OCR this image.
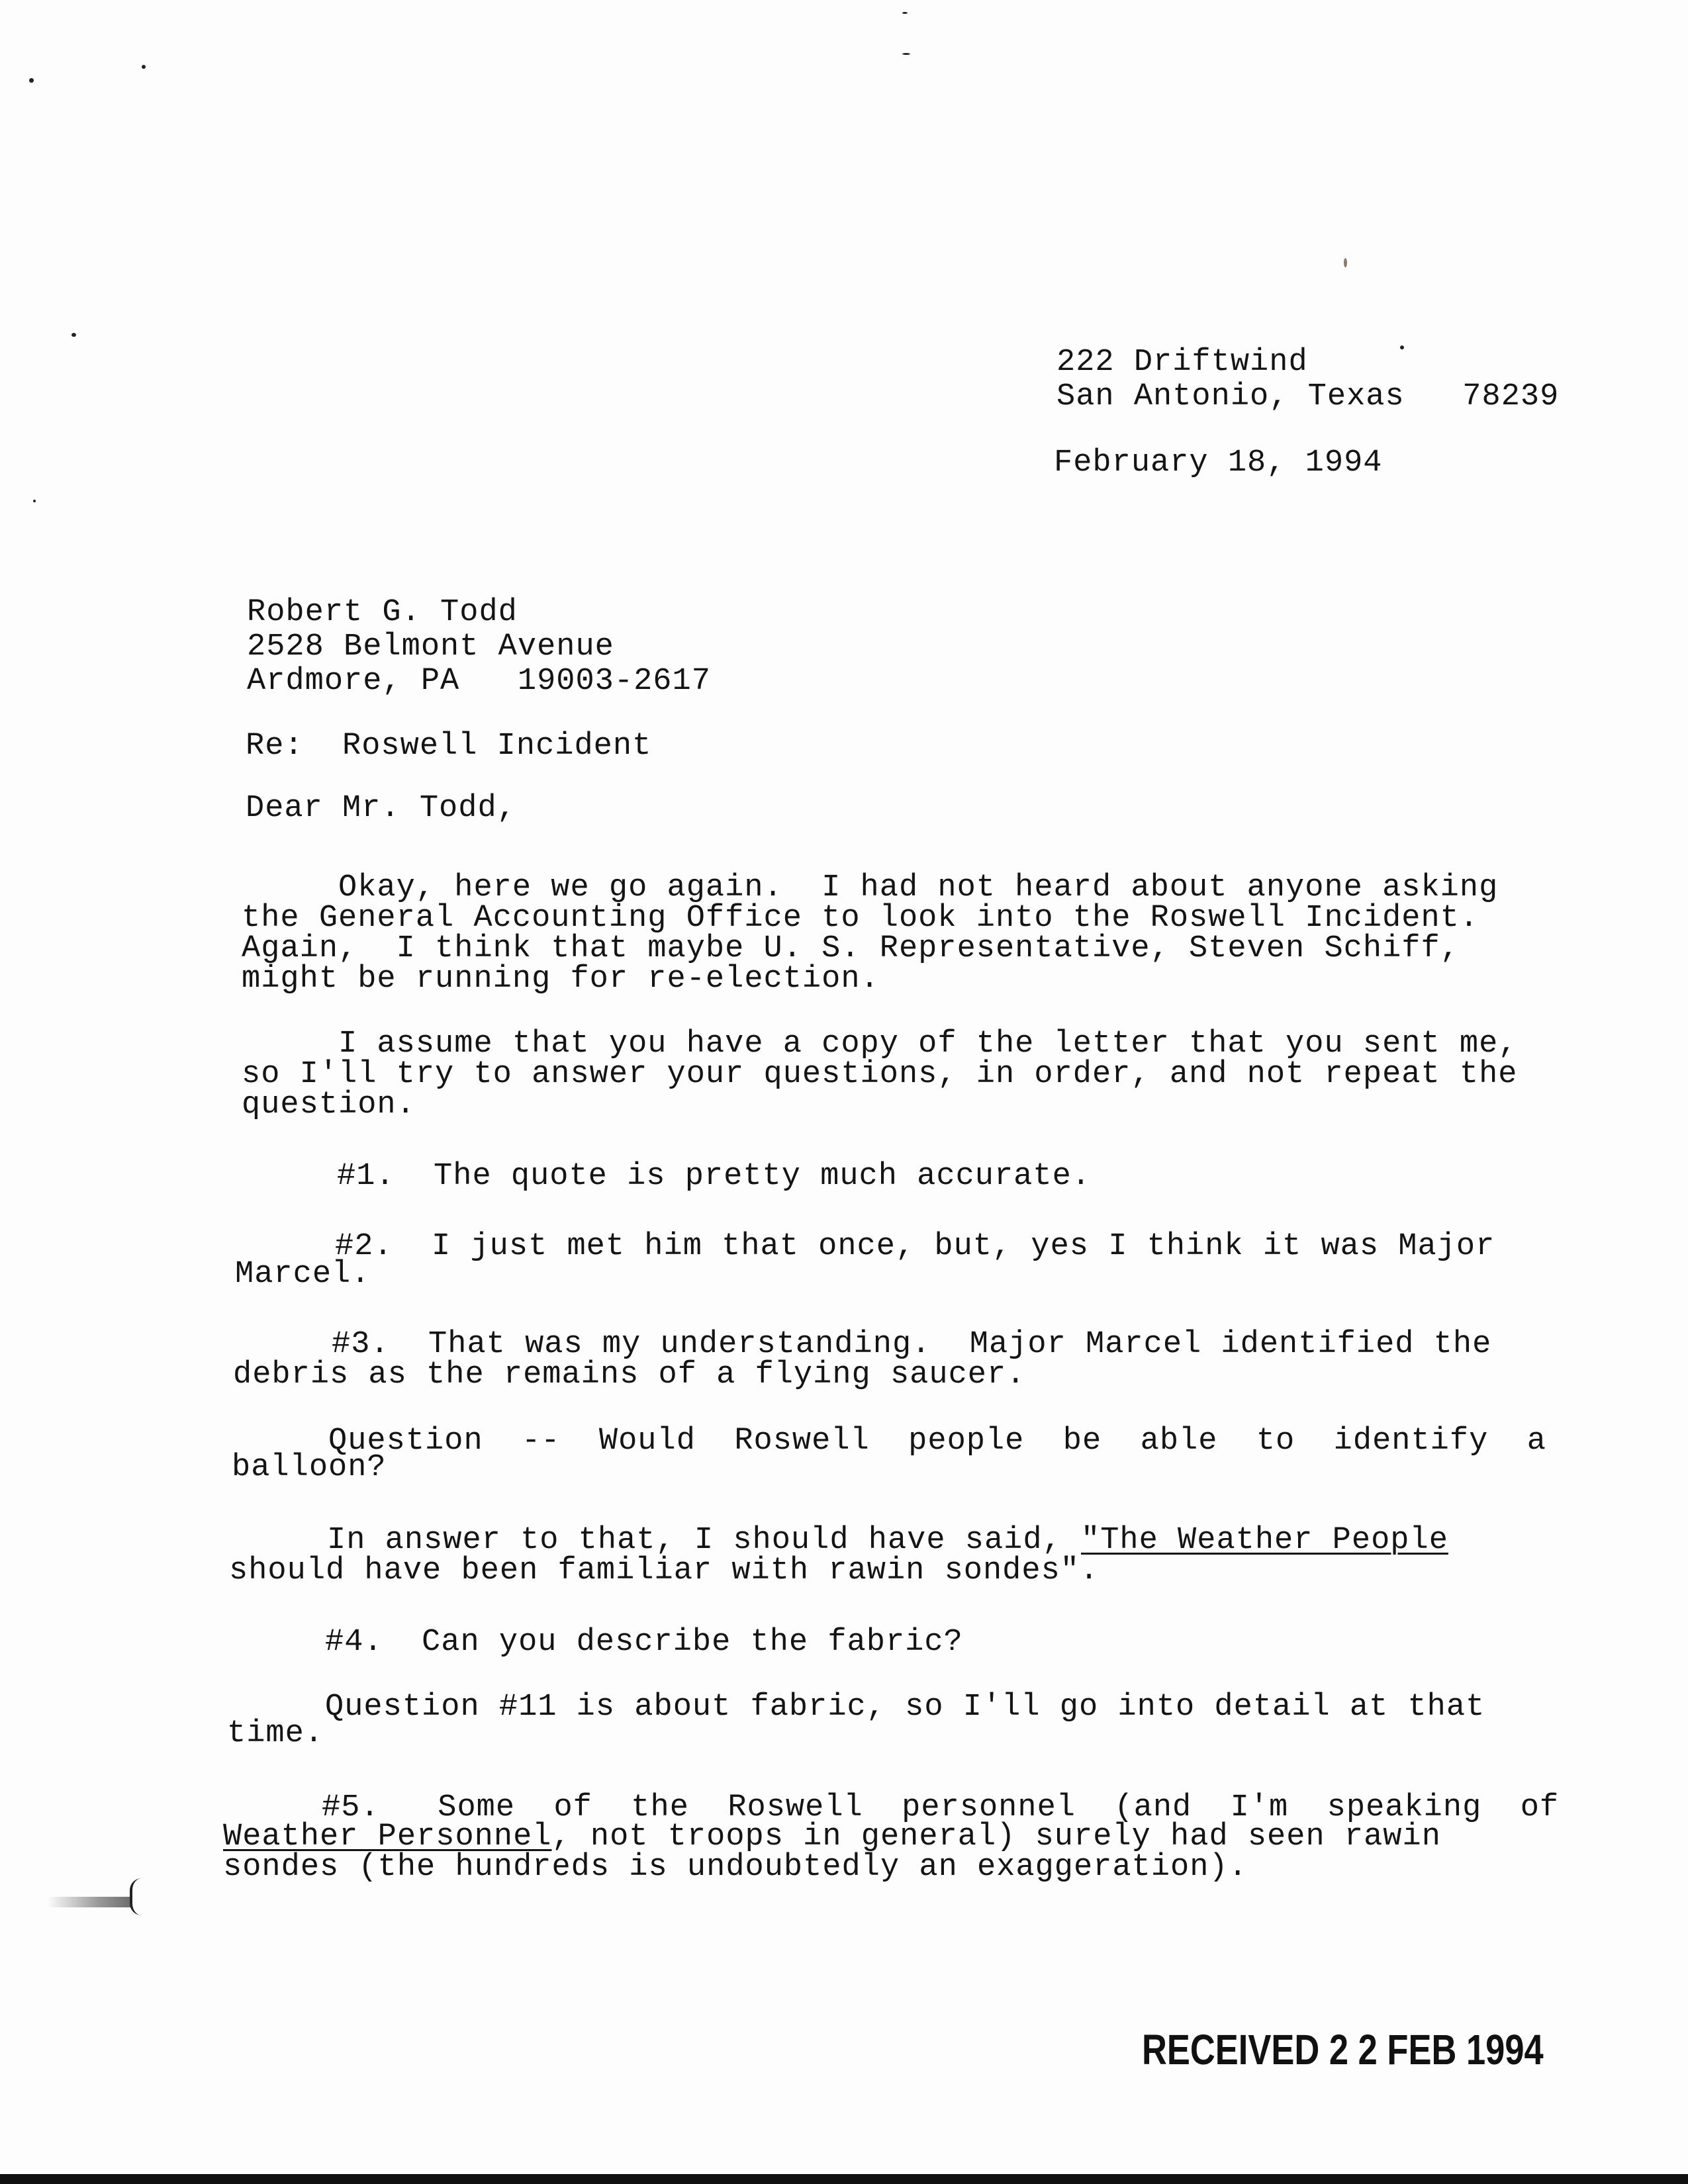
222 Driftwind
San Antonio, Texas   78239
February 18, 1994
Robert G. Todd
2528 Belmont Avenue
Ardmore, PA   19003-2617
Re:  Roswell Incident
Dear Mr. Todd,
Okay, here we go again.  I had not heard about anyone asking
the General Accounting Office to look into the Roswell Incident.
Again,  I think that maybe U. S. Representative, Steven Schiff,
might be running for re-election.
I assume that you have a copy of the letter that you sent me,
so I'll try to answer your questions, in order, and not repeat the
question.
#1.  The quote is pretty much accurate.
#2.  I just met him that once, but, yes I think it was Major
Marcel.
#3.  That was my understanding.  Major Marcel identified the
debris as the remains of a flying saucer.
Question  --  Would  Roswell  people  be  able  to  identify  a
balloon?
In answer to that, I should have said, "The Weather People
should have been familiar with rawin sondes".
#4.  Can you describe the fabric?
Question #11 is about fabric, so I'll go into detail at that
time.
#5.   Some  of  the  Roswell  personnel  (and  I'm  speaking  of
Weather Personnel, not troops in general) surely had seen rawin
sondes (the hundreds is undoubtedly an exaggeration).
RECEIVED 2 2 FEB 1994
